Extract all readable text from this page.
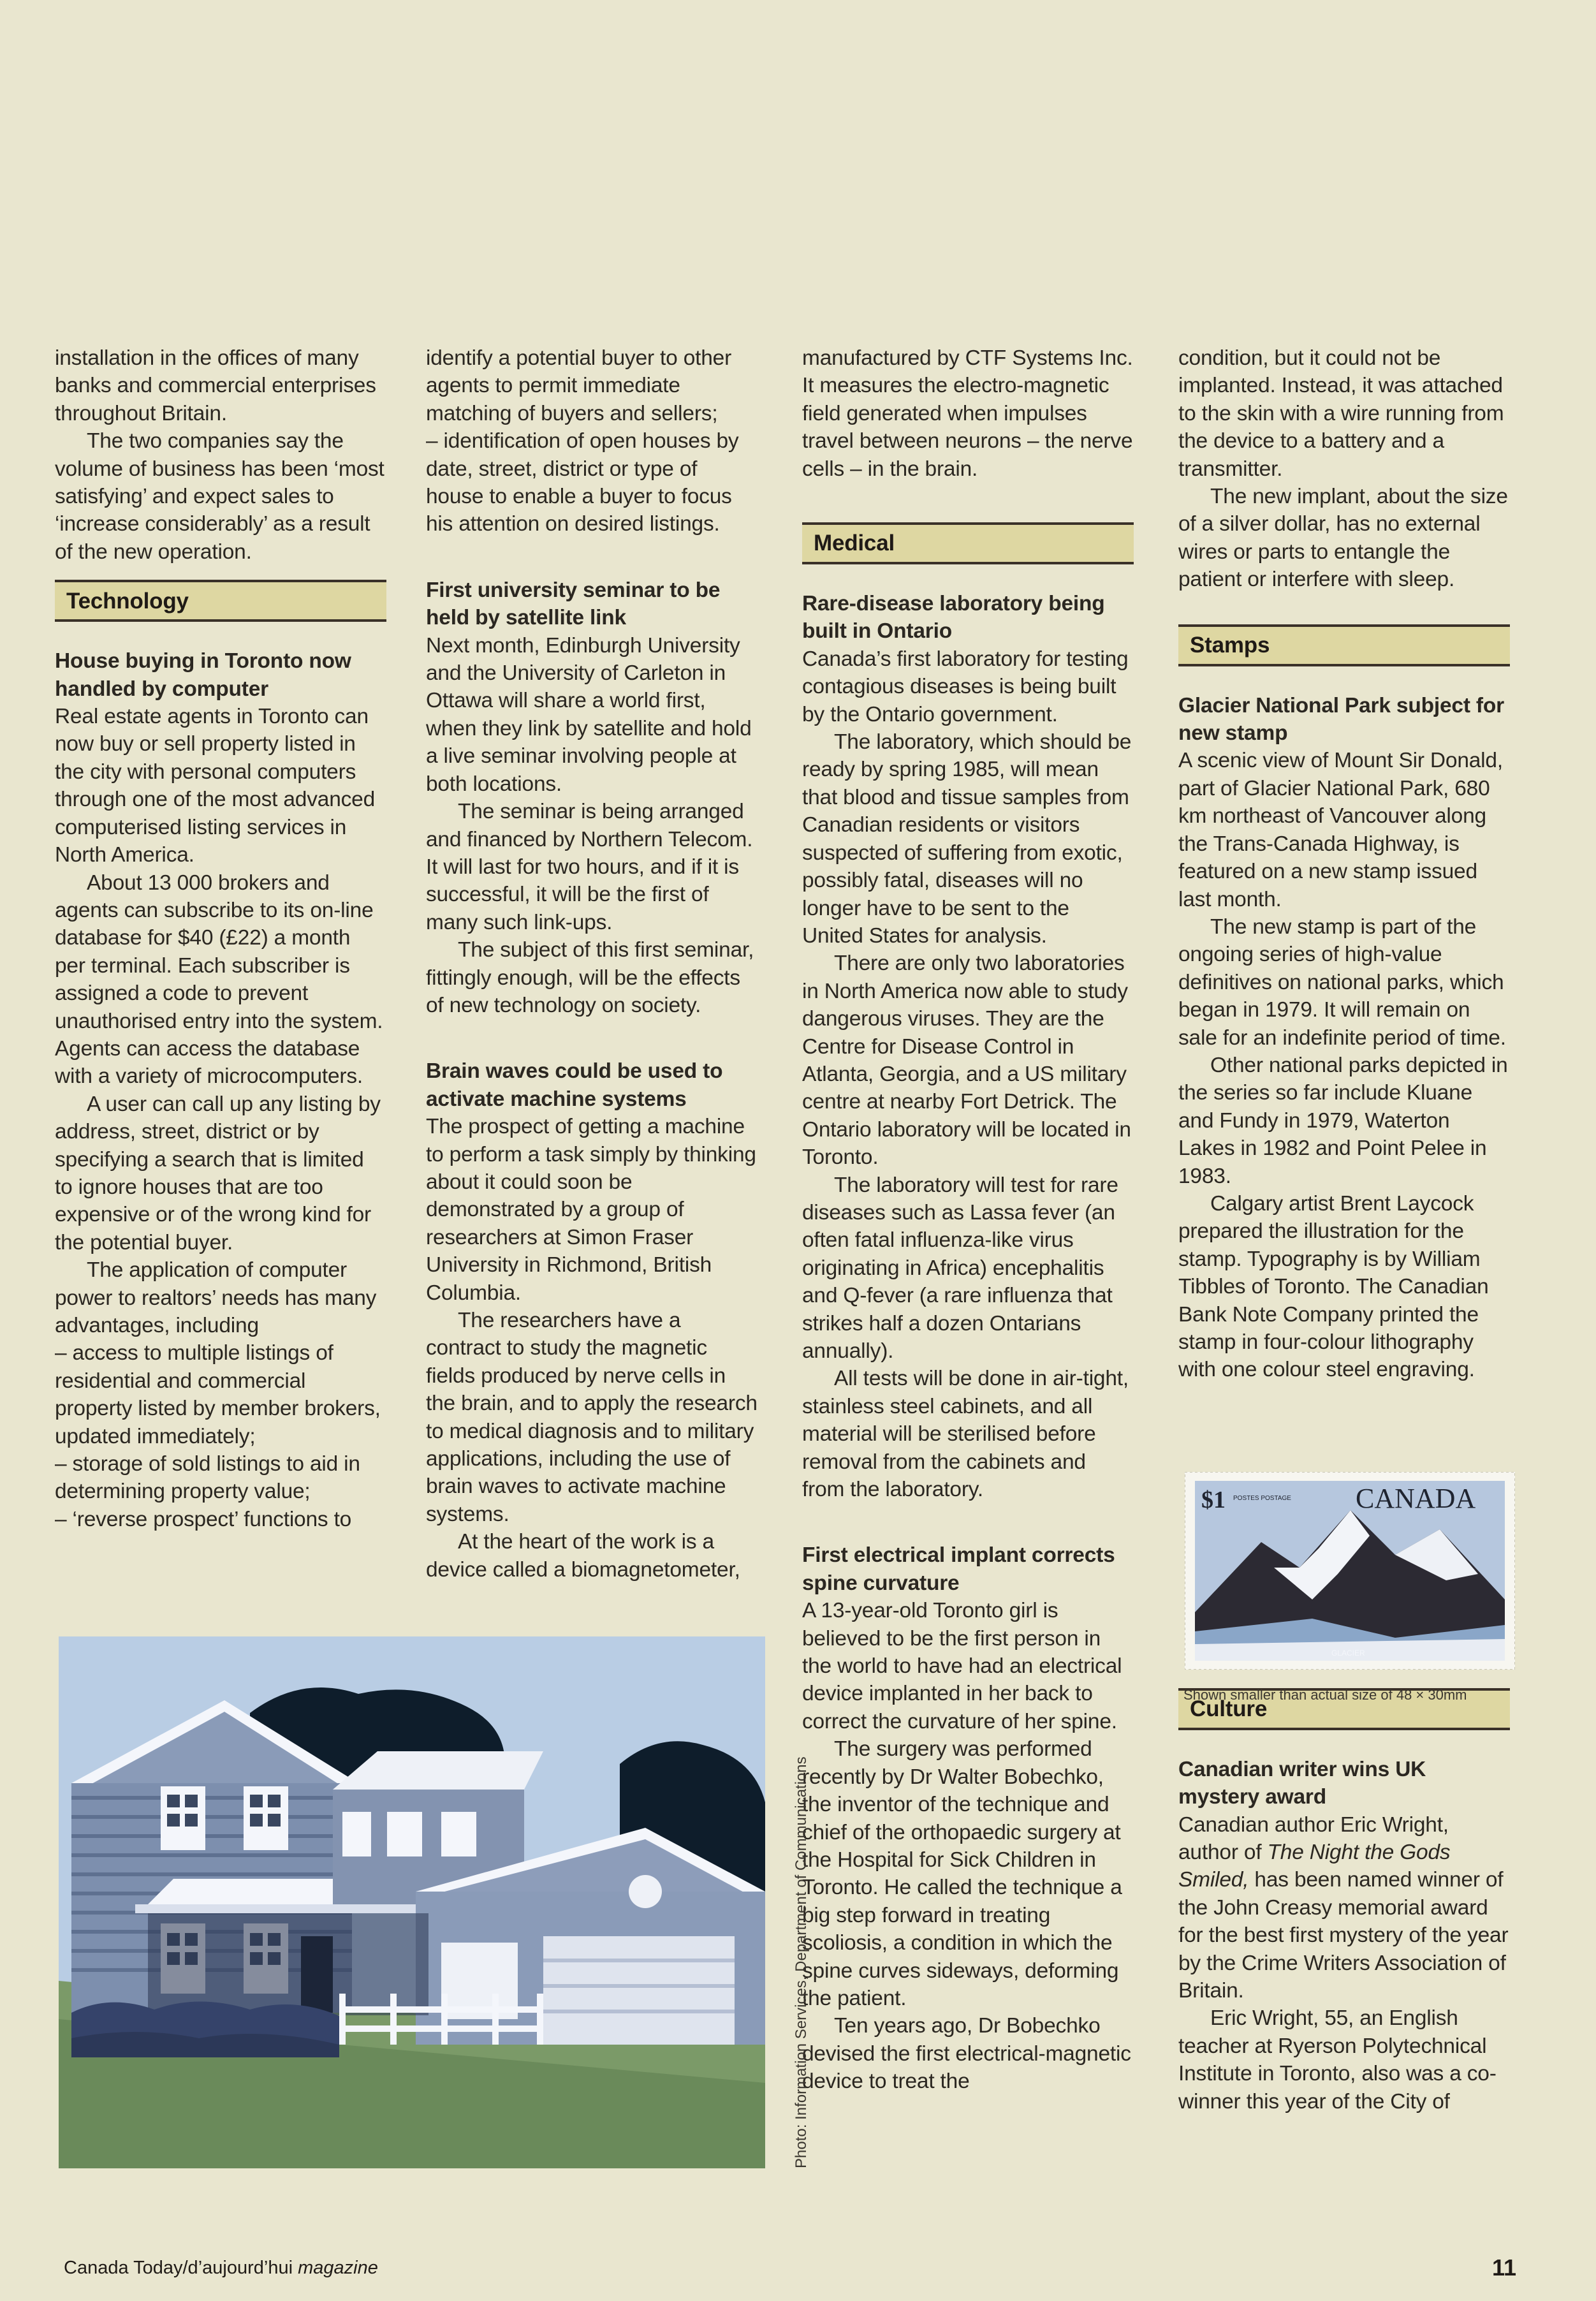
installation in the offices of many banks and commercial enterprises throughout Britain.

The two companies say the volume of business has been ‘most satisfying’ and expect sales to ‘increase considerably’ as a result of the new operation.

Technology
House buying in Toronto now handled by computer

Real estate agents in Toronto can now buy or sell property listed in the city with personal computers through one of the most advanced computerised listing services in North America.

About 13 000 brokers and agents can subscribe to its on-line database for $40 (£22) a month per terminal. Each subscriber is assigned a code to prevent unauthorised entry into the system. Agents can access the database with a variety of microcomputers.

A user can call up any listing by address, street, district or by specifying a search that is limited to ignore houses that are too expensive or of the wrong kind for the potential buyer.

The application of computer power to realtors’ needs has many advantages, including

– access to multiple listings of residential and commercial property listed by member brokers, updated immediately;

– storage of sold listings to aid in determining property value;

– ‘reverse prospect’ functions to

identify a potential buyer to other agents to permit immediate matching of buyers and sellers;

– identification of open houses by date, street, district or type of house to enable a buyer to focus his attention on desired listings.

First university seminar to be held by satellite link

Next month, Edinburgh University and the University of Carleton in Ottawa will share a world first, when they link by satellite and hold a live seminar involving people at both locations.

The seminar is being arranged and financed by Northern Telecom. It will last for two hours, and if it is successful, it will be the first of many such link-ups.

The subject of this first seminar, fittingly enough, will be the effects of new technology on society.

Brain waves could be used to activate machine systems

The prospect of getting a machine to perform a task simply by thinking about it could soon be demonstrated by a group of researchers at Simon Fraser University in Richmond, British Columbia.

The researchers have a contract to study the magnetic fields produced by nerve cells in the brain, and to apply the research to medical diagnosis and to military applications, including the use of brain waves to activate machine systems.

At the heart of the work is a device called a biomagnetometer,

manufactured by CTF Systems Inc. It measures the electro-magnetic field generated when impulses travel between neurons – the nerve cells – in the brain.

Medical
Rare-disease laboratory being built in Ontario

Canada’s first laboratory for testing contagious diseases is being built by the Ontario government.

The laboratory, which should be ready by spring 1985, will mean that blood and tissue samples from Canadian residents or visitors suspected of suffering from exotic, possibly fatal, diseases will no longer have to be sent to the United States for analysis.

There are only two laboratories in North America now able to study dangerous viruses. They are the Centre for Disease Control in Atlanta, Georgia, and a US military centre at nearby Fort Detrick. The Ontario laboratory will be located in Toronto.

The laboratory will test for rare diseases such as Lassa fever (an often fatal influenza-like virus originating in Africa) encephalitis and Q-fever (a rare influenza that strikes half a dozen Ontarians annually).

All tests will be done in air-tight, stainless steel cabinets, and all material will be sterilised before removal from the cabinets and from the laboratory.

First electrical implant corrects spine curvature

A 13-year-old Toronto girl is believed to be the first person in the world to have had an electrical device implanted in her back to correct the curvature of her spine.

The surgery was performed recently by Dr Walter Bobechko, the inventor of the technique and chief of the orthopaedic surgery at the Hospital for Sick Children in Toronto. He called the technique a big step forward in treating scoliosis, a condition in which the spine curves sideways, deforming the patient.

Ten years ago, Dr Bobechko devised the first electrical-magnetic device to treat the

condition, but it could not be implanted. Instead, it was attached to the skin with a wire running from the device to a battery and a transmitter.

The new implant, about the size of a silver dollar, has no external wires or parts to entangle the patient or interfere with sleep.

Stamps
Glacier National Park subject for new stamp

A scenic view of Mount Sir Donald, part of Glacier National Park, 680 km northeast of Vancouver along the Trans-Canada Highway, is featured on a new stamp issued last month.

The new stamp is part of the ongoing series of high-value definitives on national parks, which began in 1979. It will remain on sale for an indefinite period of time.

Other national parks depicted in the series so far include Kluane and Fundy in 1979, Waterton Lakes in 1982 and Point Pelee in 1983.

Calgary artist Brent Laycock prepared the illustration for the stamp. Typography is by William Tibbles of Toronto. The Canadian Bank Note Company printed the stamp in four-colour lithography with one colour steel engraving.

Culture
Canadian writer wins UK mystery award

Canadian author Eric Wright, author of The Night the Gods Smiled, has been named winner of the John Creasy memorial award for the best first mystery of the year by the Crime Writers Association of Britain.

Eric Wright, 55, an English teacher at Ryerson Polytechnical Institute in Toronto, also was a co-winner this year of the City of

Photo: Information Services, Department of Communications
$1 POSTES POSTAGE CANADA
GLACIER
Shown smaller than actual size of 48 × 30mm
Canada Today/d’aujourd’hui magazine	11
